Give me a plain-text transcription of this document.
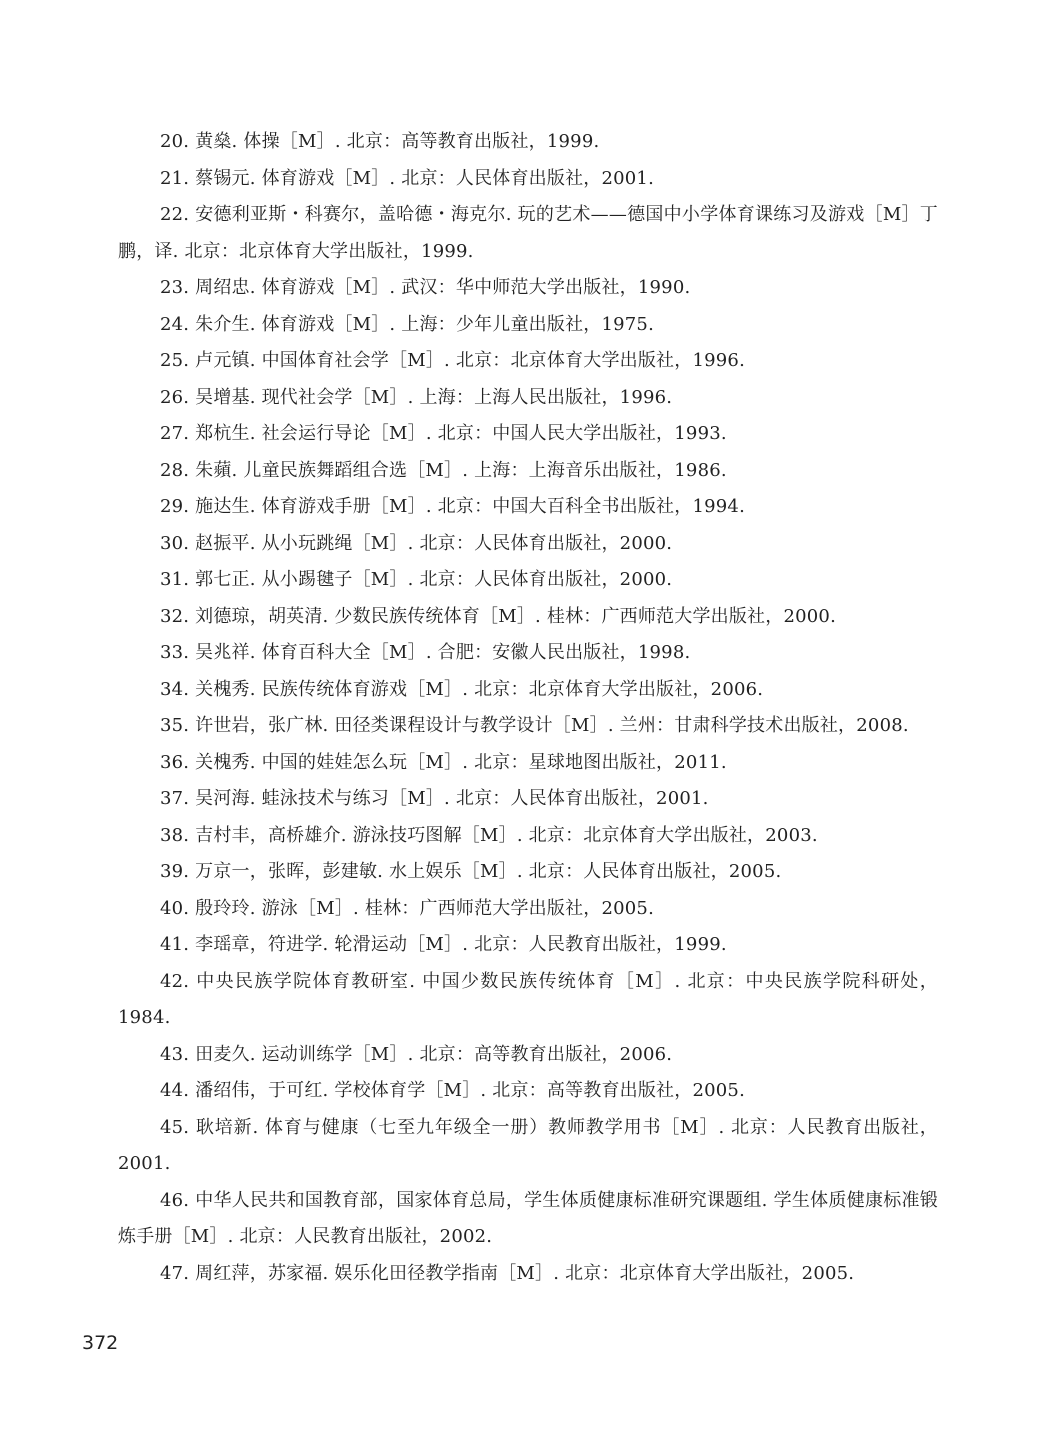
20. 黄燊. 体操［M］. 北京：高等教育出版社，1999.
21. 蔡锡元. 体育游戏［M］. 北京：人民体育出版社，2001.
22. 安德利亚斯・科赛尔，盖哈德・海克尔. 玩的艺术——德国中小学体育课练习及游戏［M］丁鹏，译. 北京：北京体育大学出版社，1999.
23. 周绍忠. 体育游戏［M］. 武汉：华中师范大学出版社，1990.
24. 朱介生. 体育游戏［M］. 上海：少年儿童出版社，1975.
25. 卢元镇. 中国体育社会学［M］. 北京：北京体育大学出版社，1996.
26. 吴增基. 现代社会学［M］. 上海：上海人民出版社，1996.
27. 郑杭生. 社会运行导论［M］. 北京：中国人民大学出版社，1993.
28. 朱蘋. 儿童民族舞蹈组合选［M］. 上海：上海音乐出版社，1986.
29. 施达生. 体育游戏手册［M］. 北京：中国大百科全书出版社，1994.
30. 赵振平. 从小玩跳绳［M］. 北京：人民体育出版社，2000.
31. 郭七正. 从小踢毽子［M］. 北京：人民体育出版社，2000.
32. 刘德琼，胡英清. 少数民族传统体育［M］. 桂林：广西师范大学出版社，2000.
33. 吴兆祥. 体育百科大全［M］. 合肥：安徽人民出版社，1998.
34. 关槐秀. 民族传统体育游戏［M］. 北京：北京体育大学出版社，2006.
35. 许世岩，张广林. 田径类课程设计与教学设计［M］. 兰州：甘肃科学技术出版社，2008.
36. 关槐秀. 中国的娃娃怎么玩［M］. 北京：星球地图出版社，2011.
37. 吴河海. 蛙泳技术与练习［M］. 北京：人民体育出版社，2001.
38. 吉村丰，高桥雄介. 游泳技巧图解［M］. 北京：北京体育大学出版社，2003.
39. 万京一，张晖，彭建敏. 水上娱乐［M］. 北京：人民体育出版社，2005.
40. 殷玲玲. 游泳［M］. 桂林：广西师范大学出版社，2005.
41. 李瑶章，符进学. 轮滑运动［M］. 北京：人民教育出版社，1999.
42. 中央民族学院体育教研室. 中国少数民族传统体育［M］. 北京：中央民族学院科研处，1984.
43. 田麦久. 运动训练学［M］. 北京：高等教育出版社，2006.
44. 潘绍伟，于可红. 学校体育学［M］. 北京：高等教育出版社，2005.
45. 耿培新. 体育与健康（七至九年级全一册）教师教学用书［M］. 北京：人民教育出版社，2001.
46. 中华人民共和国教育部，国家体育总局，学生体质健康标准研究课题组. 学生体质健康标准锻炼手册［M］. 北京：人民教育出版社，2002.
47. 周红萍，苏家福. 娱乐化田径教学指南［M］. 北京：北京体育大学出版社，2005.
372
